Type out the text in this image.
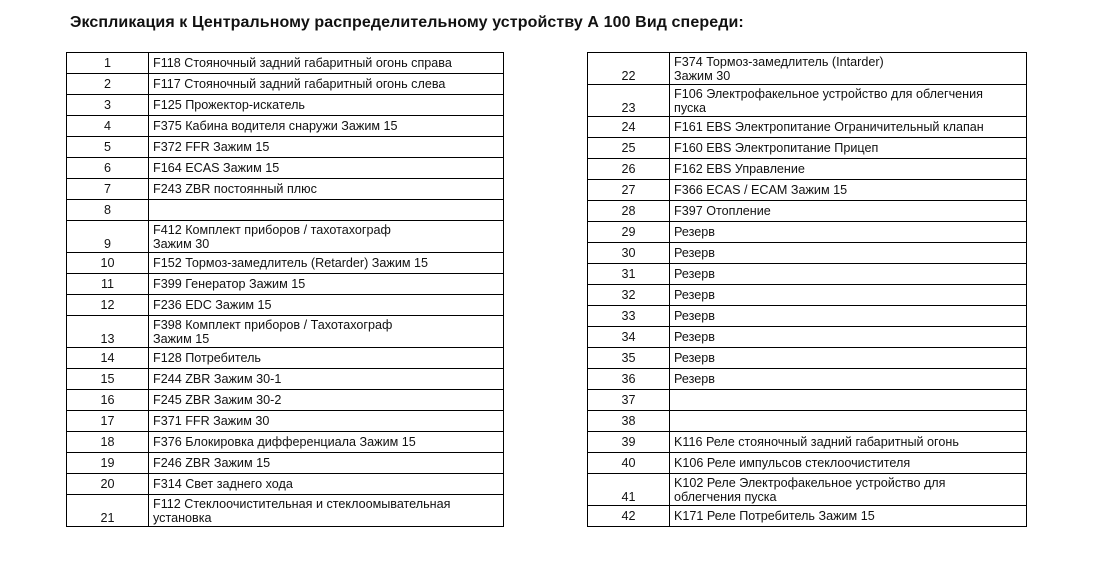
Экспликация к Центральному распределительному устройству А 100 Вид спереди:
1	F118 Стояночный задний габаритный огонь справа
2	F117 Стояночный задний габаритный огонь слева
3	F125 Прожектор-искатель
4	F375 Кабина водителя снаружи Зажим 15
5	F372 FFR Зажим 15
6	F164 ECAS Зажим 15
7	F243 ZBR постоянный плюс
8	
9	F412 Комплект приборов / тахотахограф
Зажим 30
10	F152 Тормоз-замедлитель (Retarder) Зажим 15
11	F399 Генератор Зажим 15
12	F236 EDC Зажим 15
13	F398 Комплект приборов / Тахотахограф
Зажим 15
14	F128 Потребитель
15	F244 ZBR Зажим 30-1
16	F245 ZBR Зажим 30-2
17	F371 FFR Зажим 30
18	F376 Блокировка дифференциала Зажим 15
19	F246 ZBR Зажим 15
20	F314 Свет заднего хода
21	F112 Стеклоочистительная и стеклоомывательная
установка
22	F374 Тормоз-замедлитель (Intarder)
Зажим 30
23	F106 Электрофакельное устройство для облегчения
пуска
24	F161 EBS Электропитание Ограничительный клапан
25	F160 EBS Электропитание Прицеп
26	F162 EBS Управление
27	F366 ECAS / ECAM Зажим 15
28	F397 Отопление
29	Резерв
30	Резерв
31	Резерв
32	Резерв
33	Резерв
34	Резерв
35	Резерв
36	Резерв
37	
38	
39	K116 Реле стояночный задний габаритный огонь
40	K106 Реле импульсов стеклоочистителя
41	K102 Реле Электрофакельное устройство для
облегчения пуска
42	K171 Реле Потребитель Зажим 15
